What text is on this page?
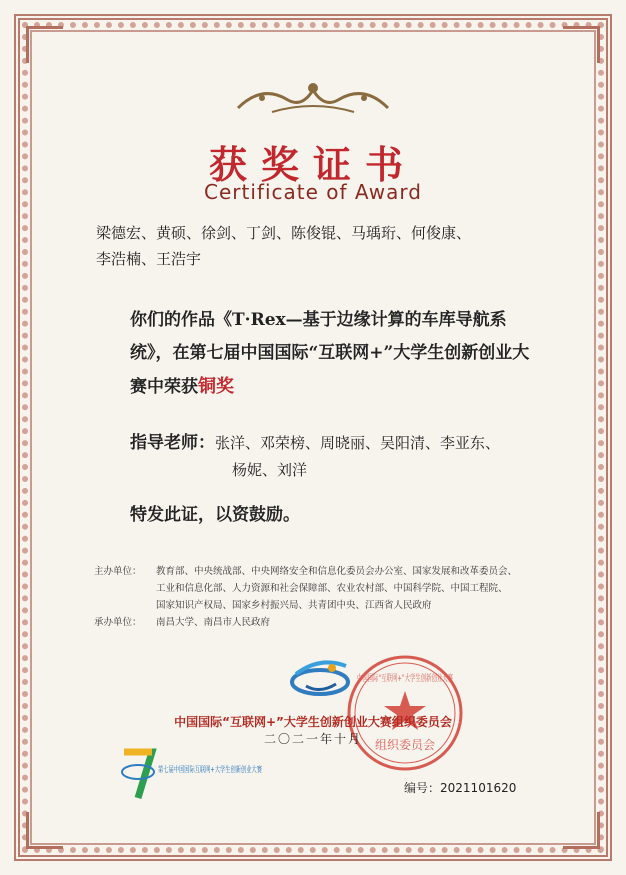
获奖证书
Certificate of Award
梁德宏、黄硕、徐剑、丁剑、陈俊锟、马瑀珩、何俊康、
李浩楠、王浩宇
你们的作品《T·Rex—基于边缘计算的车库导航系统》，在第七届中国国际“互联网+”大学生创新创业大赛中荣获铜奖
指导老师：张洋、邓荣榜、周晓丽、吴阳清、李亚东、
杨妮、刘洋
特发此证，以资鼓励。
主办单位：	教育部、中央统战部、中央网络安全和信息化委员会办公室、国家发展和改革委员会、
工业和信息化部、人力资源和社会保障部、农业农村部、中国科学院、中国工程院、
国家知识产权局、国家乡村振兴局、共青团中央、江西省人民政府
承办单位：	南昌大学、南昌市人民政府
中国国际“互联网+”大学生创新创业大赛
组织委员会
中国国际“互联网+”大学生创新创业大赛组织委员会
二〇二一年十月
第七届中国国际互联网+大学生创新创业大赛
编号：2021101620
